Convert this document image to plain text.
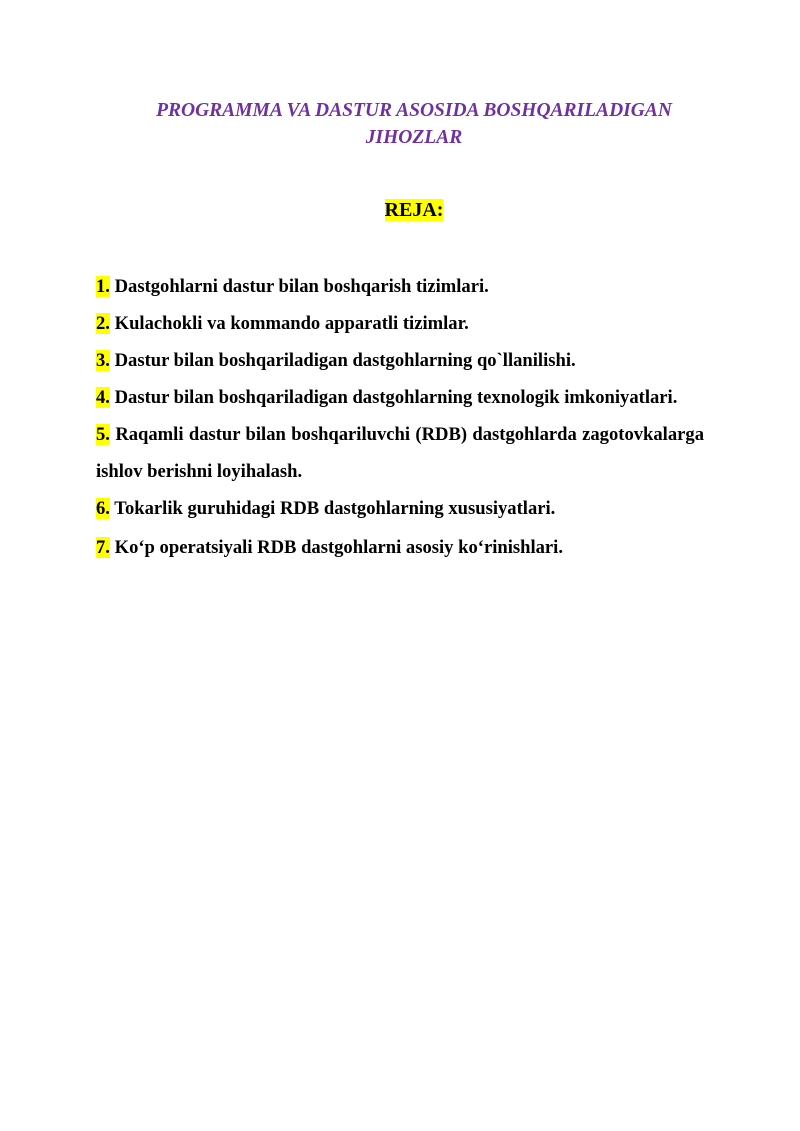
PROGRAMMA VA DASTUR ASOSIDA BOSHQARILADIGAN
JIHOZLAR
REJA:
1. Dastgohlarni dastur bilan boshqarish tizimlari.
2. Kulachokli va kommando apparatli tizimlar.
3. Dastur bilan boshqariladigan dastgohlarning qo`llanilishi.
4. Dastur bilan boshqariladigan dastgohlarning texnologik imkoniyatlari.
5. Raqamli dastur bilan boshqariluvchi (RDB) dastgohlarda zagotovkalarga ishlov berishni loyihalash.
6. Tokarlik guruhidagi RDB dastgohlarning xususiyatlari.
7. Ko‘p operatsiyali RDB dastgohlarni asosiy ko‘rinishlari.
